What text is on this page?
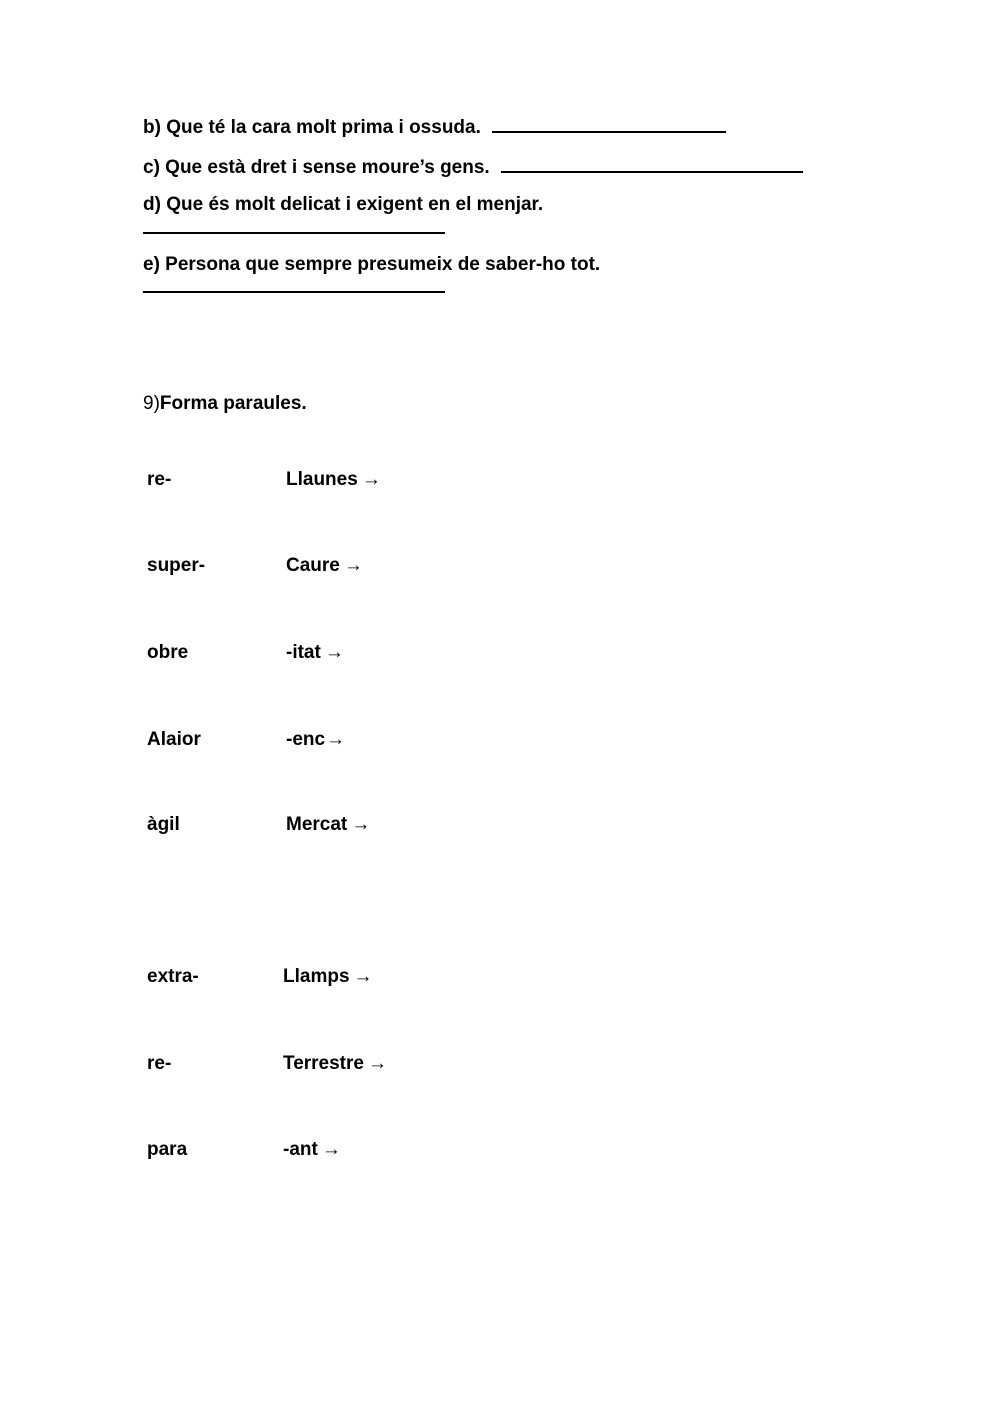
b) Que té la cara molt prima i ossuda.
c) Que està dret i sense moure’s gens.
d) Que és molt delicat i exigent en el menjar.
e) Persona que sempre presumeix de saber-ho tot.
9)Forma paraules.
re-	Llaunes →
super-	Caure →
obre	-itat →
Alaior	-enc→
àgil	Mercat →
extra-	Llamps →
re-	Terrestre →
para	-ant →
